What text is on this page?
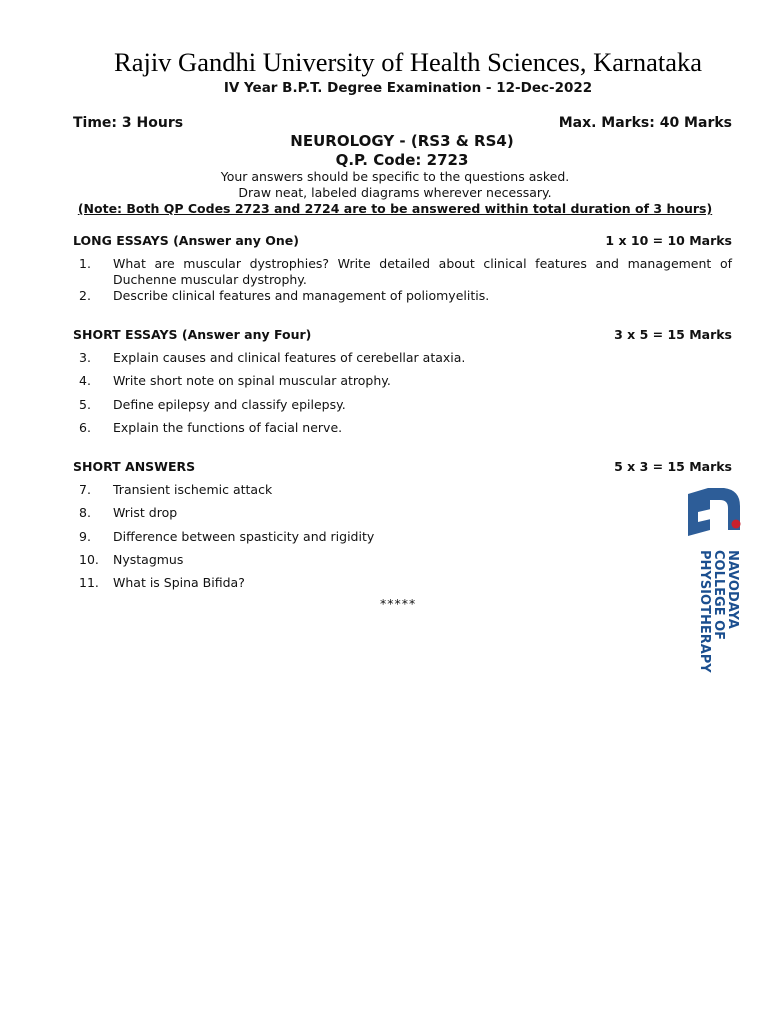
Rajiv Gandhi University of Health Sciences, Karnataka
IV Year B.P.T. Degree Examination - 12-Dec-2022
Time: 3 Hours	Max. Marks: 40 Marks
NEUROLOGY - (RS3 & RS4)
Q.P. Code: 2723
Your answers should be specific to the questions asked.
Draw neat, labeled diagrams wherever necessary.
(Note: Both QP Codes 2723 and 2724 are to be answered within total duration of 3 hours)
LONG ESSAYS (Answer any One)	1 x 10 = 10 Marks
1. What are muscular dystrophies? Write detailed about clinical features and management of Duchenne muscular dystrophy.
2. Describe clinical features and management of poliomyelitis.
SHORT ESSAYS (Answer any Four)	3 x 5 = 15 Marks
3. Explain causes and clinical features of cerebellar ataxia.
4. Write short note on spinal muscular atrophy.
5. Define epilepsy and classify epilepsy.
6. Explain the functions of facial nerve.
SHORT ANSWERS	5 x 3 = 15 Marks
7. Transient ischemic attack
8. Wrist drop
9. Difference between spasticity and rigidity
10. Nystagmus
11. What is Spina Bifida?
*****	NAVODAYA
COLLEGE OF
PHYSIOTHERAPY
